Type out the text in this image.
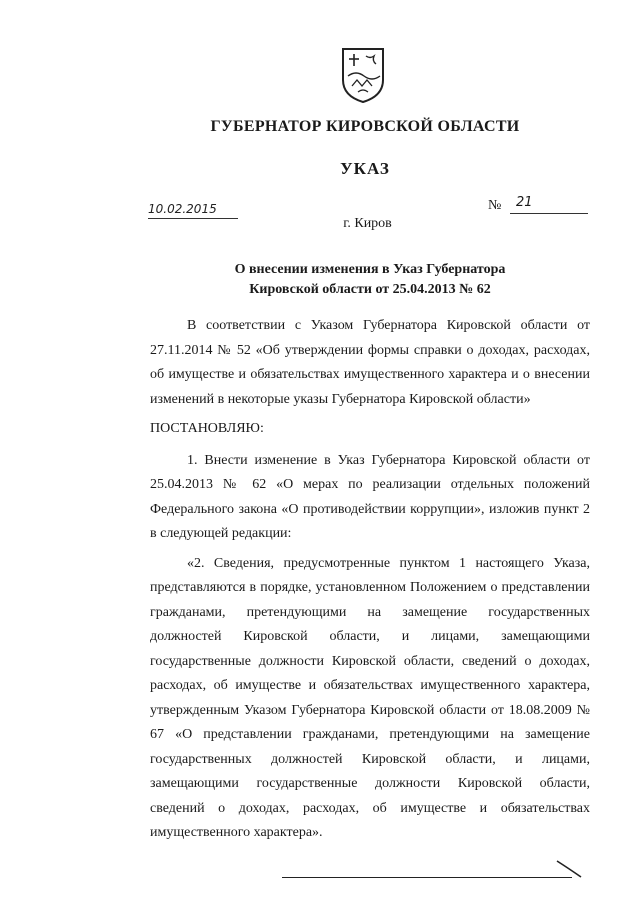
ГУБЕРНАТОР КИРОВСКОЙ ОБЛАСТИ
УКАЗ
10.02.2015	№ 21
г. Киров
О внесении изменения в Указ Губернатора
Кировской области от 25.04.2013 № 62

В соответствии с Указом Губернатора Кировской области от 27.11.2014 № 52 «Об утверждении формы справки о доходах, расходах, об имуществе и обязательствах имущественного характера и о внесении изменений в некоторые указы Губернатора Кировской области»

ПОСТАНОВЛЯЮ:

1. Внести изменение в Указ Губернатора Кировской области от 25.04.2013 № 62 «О мерах по реализации отдельных положений Федерального закона «О противодействии коррупции», изложив пункт 2 в следующей редакции:

«2. Сведения, предусмотренные пунктом 1 настоящего Указа, представляются в порядке, установленном Положением о представлении гражданами, претендующими на замещение государственных должностей Кировской области, и лицами, замещающими государственные должности Кировской области, сведений о доходах, расходах, об имуществе и обязательствах имущественного характера, утвержденным Указом Губернатора Кировской области от 18.08.2009 № 67 «О представлении гражданами, претендующими на замещение государственных должностей Кировской области, и лицами, замещающими государственные должности Кировской области, сведений о доходах, расходах, об имуществе и обязательствах имущественного характера».
